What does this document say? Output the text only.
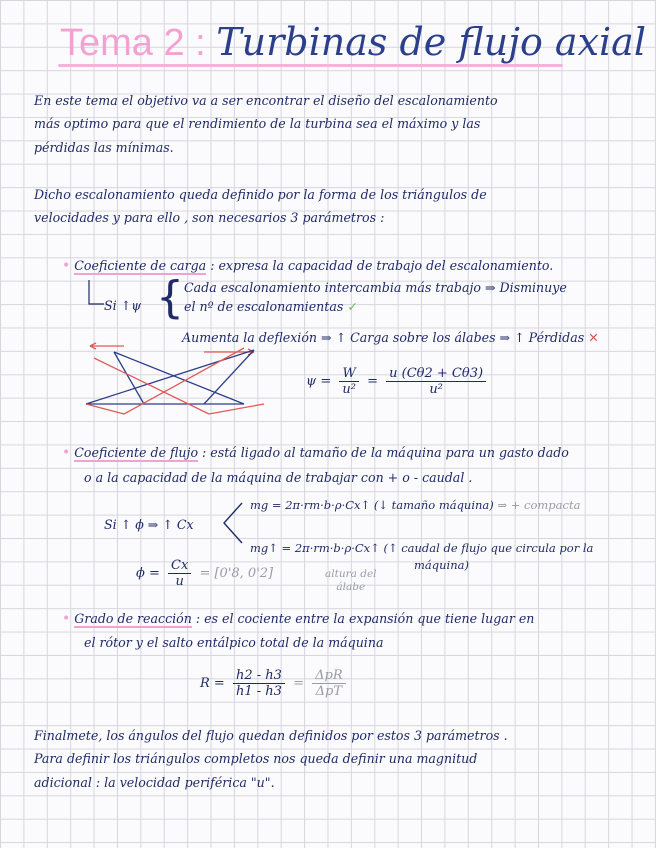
Tema 2 : Turbinas de flujo axial
En este tema el objetivo va a ser encontrar el diseño del escalonamiento
más optimo para que el rendimiento de la turbina sea el máximo y las
pérdidas las mínimas.
Dicho escalonamiento queda definido por la forma de los triángulos de
velocidades y para ello , son necesarios 3 parámetros :
• Coeficiente de carga : expresa la capacidad de trabajo del escalonamiento.
Si ↑ψ { Cada escalonamiento intercambia más trabajo ⇒ Disminuye
el nº de escalonamientas ✓
Aumenta la deflexión ⇒ ↑ Carga sobre los álabes ⇒ ↑ Pérdidas ✕
$\psi = \frac{W}{\text{u²}} = \frac{u (C\theta 2 + C\theta 3)}{\text{u²}}$
• Coeficiente de flujo : está ligado al tamaño de la máquina para un gasto dado
o a la capacidad de la máquina de trabajar con + o - caudal .
Si ↑ ϕ ⇒ ↑ Cx
mg = 2π·rm·b·ρ·Cx↑ (↓ tamaño máquina) ⇒ + compacta
mg↑ = 2π·rm·b·ρ·Cx↑ (↑ caudal de flujo que circula por la
máquina)
$\phi = \frac{Cx}{u} = [0'8$, 0'2]	altura del
álabe
• Grado de reacción : es el cociente entre la expansión que tiene lugar en
el rótor y el salto entálpico total de la máquina
$R = \frac{h2 - h3}{h1 - h3} = \frac{\text{ΔpR}}{\text{ΔpT}}$
Finalmete, los ángulos del flujo quedan definidos por estos 3 parámetros .
Para definir los triángulos completos nos queda definir una magnitud
adicional : la velocidad periférica "u".
